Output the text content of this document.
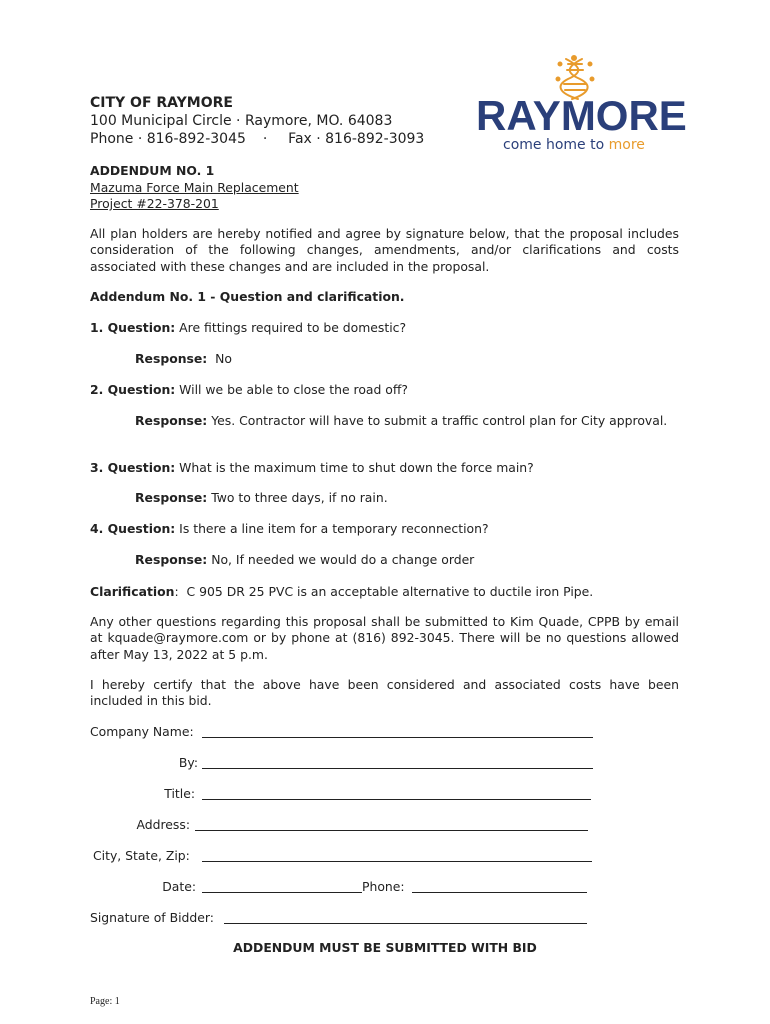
CITY OF RAYMORE
100 Municipal Circle · Raymore, MO. 64083
Phone · 816-892-3045 · Fax · 816-892-3093 RAYMORE
come home to more
ADDENDUM NO. 1
Mazuma Force Main Replacement
Project #22-378-201
All plan holders are hereby notified and agree by signature below, that the proposal includes consideration of the following changes, amendments, and/or clarifications and costs associated with these changes and are included in the proposal.
Addendum No. 1 - Question and clarification.
1. Question: Are fittings required to be domestic?
Response:  No
2. Question: Will we be able to close the road off?
Response: Yes. Contractor will have to submit a traffic control plan for City approval.
3. Question: What is the maximum time to shut down the force main?
Response: Two to three days, if no rain.
4. Question: Is there a line item for a temporary reconnection?
Response: No, If needed we would do a change order
Clarification:  C 905 DR 25 PVC is an acceptable alternative to ductile iron Pipe.
Any other questions regarding this proposal shall be submitted to Kim Quade, CPPB by email at kquade@raymore.com or by phone at (816) 892-3045. There will be no questions allowed after May 13, 2022 at 5 p.m.
I hereby certify that the above have been considered and associated costs have been included in this bid.
Company Name:
By:
Title:
Address:
City, State, Zip:
Date:	Phone:
Signature of Bidder:
ADDENDUM MUST BE SUBMITTED WITH BID
Page: 1
